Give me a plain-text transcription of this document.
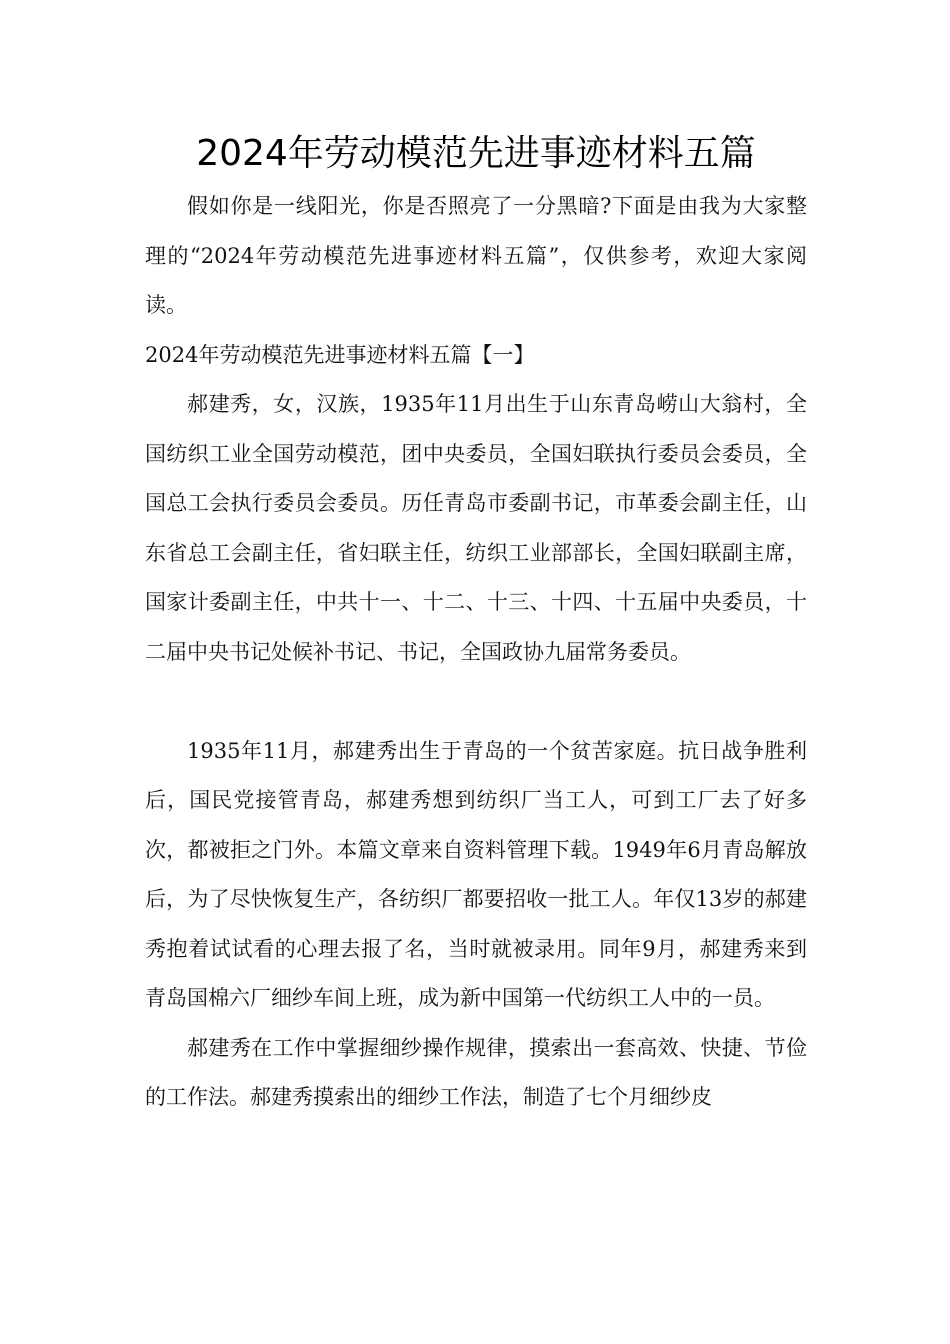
2024年劳动模范先进事迹材料五篇

假如你是一线阳光，你是否照亮了一分黑暗?下面是由我为大家整理的“2024年劳动模范先进事迹材料五篇”，仅供参考，欢迎大家阅读。

2024年劳动模范先进事迹材料五篇【一】

郝建秀，女，汉族，1935年11月出生于山东青岛崂山大翁村，全国纺织工业全国劳动模范，团中央委员，全国妇联执行委员会委员，全国总工会执行委员会委员。历任青岛市委副书记，市革委会副主任，山东省总工会副主任，省妇联主任，纺织工业部部长，全国妇联副主席，国家计委副主任，中共十一、十二、十三、十四、十五届中央委员，十二届中央书记处候补书记、书记，全国政协九届常务委员。

1935年11月，郝建秀出生于青岛的一个贫苦家庭。抗日战争胜利后，国民党接管青岛，郝建秀想到纺织厂当工人，可到工厂去了好多次，都被拒之门外。本篇文章来自资料管理下载。1949年6月青岛解放后，为了尽快恢复生产，各纺织厂都要招收一批工人。年仅13岁的郝建秀抱着试试看的心理去报了名，当时就被录用。同年9月，郝建秀来到青岛国棉六厂细纱车间上班，成为新中国第一代纺织工人中的一员。

郝建秀在工作中掌握细纱操作规律，摸索出一套高效、快捷、节俭的工作法。郝建秀摸索出的细纱工作法，制造了七个月细纱皮
